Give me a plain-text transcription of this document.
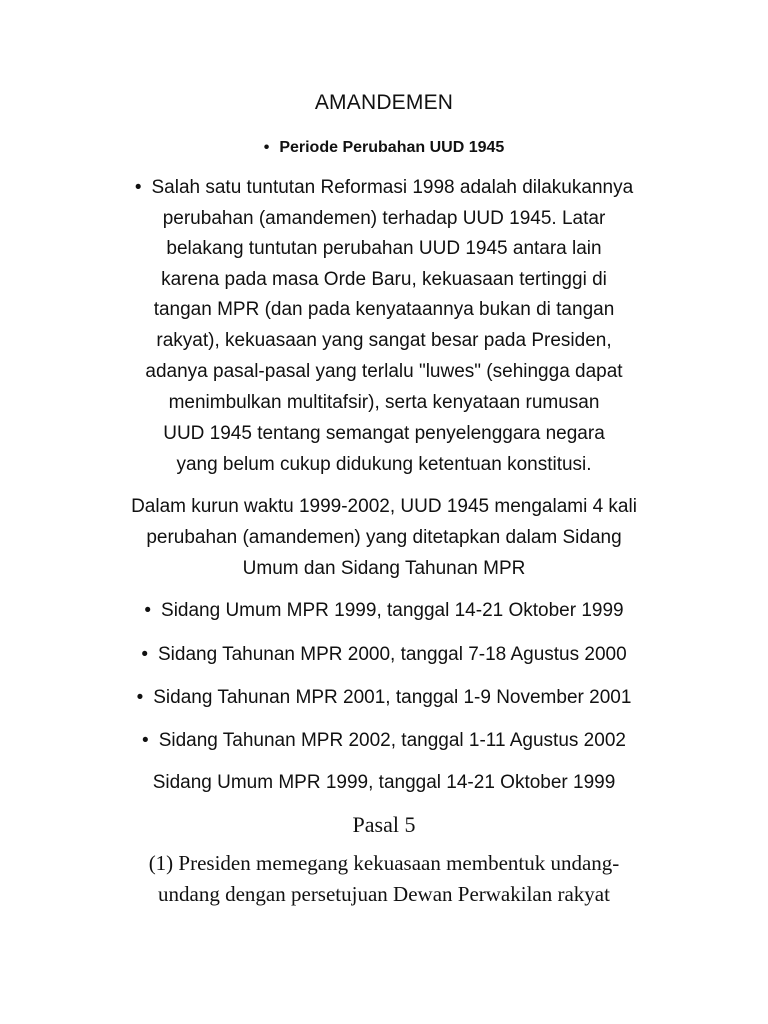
AMANDEMEN
• Periode Perubahan UUD 1945
• Salah satu tuntutan Reformasi 1998 adalah dilakukannya
perubahan (amandemen) terhadap UUD 1945. Latar
belakang tuntutan perubahan UUD 1945 antara lain
karena pada masa Orde Baru, kekuasaan tertinggi di
tangan MPR (dan pada kenyataannya bukan di tangan
rakyat), kekuasaan yang sangat besar pada Presiden,
adanya pasal-pasal yang terlalu "luwes" (sehingga dapat
menimbulkan multitafsir), serta kenyataan rumusan
UUD 1945 tentang semangat penyelenggara negara
yang belum cukup didukung ketentuan konstitusi.
Dalam kurun waktu 1999-2002, UUD 1945 mengalami 4 kali
perubahan (amandemen) yang ditetapkan dalam Sidang
Umum dan Sidang Tahunan MPR
• Sidang Umum MPR 1999, tanggal 14-21 Oktober 1999
• Sidang Tahunan MPR 2000, tanggal 7-18 Agustus 2000
• Sidang Tahunan MPR 2001, tanggal 1-9 November 2001
• Sidang Tahunan MPR 2002, tanggal 1-11 Agustus 2002
Sidang Umum MPR 1999, tanggal 14-21 Oktober 1999
Pasal 5
(1) Presiden memegang kekuasaan membentuk undang-
undang dengan persetujuan Dewan Perwakilan rakyat
